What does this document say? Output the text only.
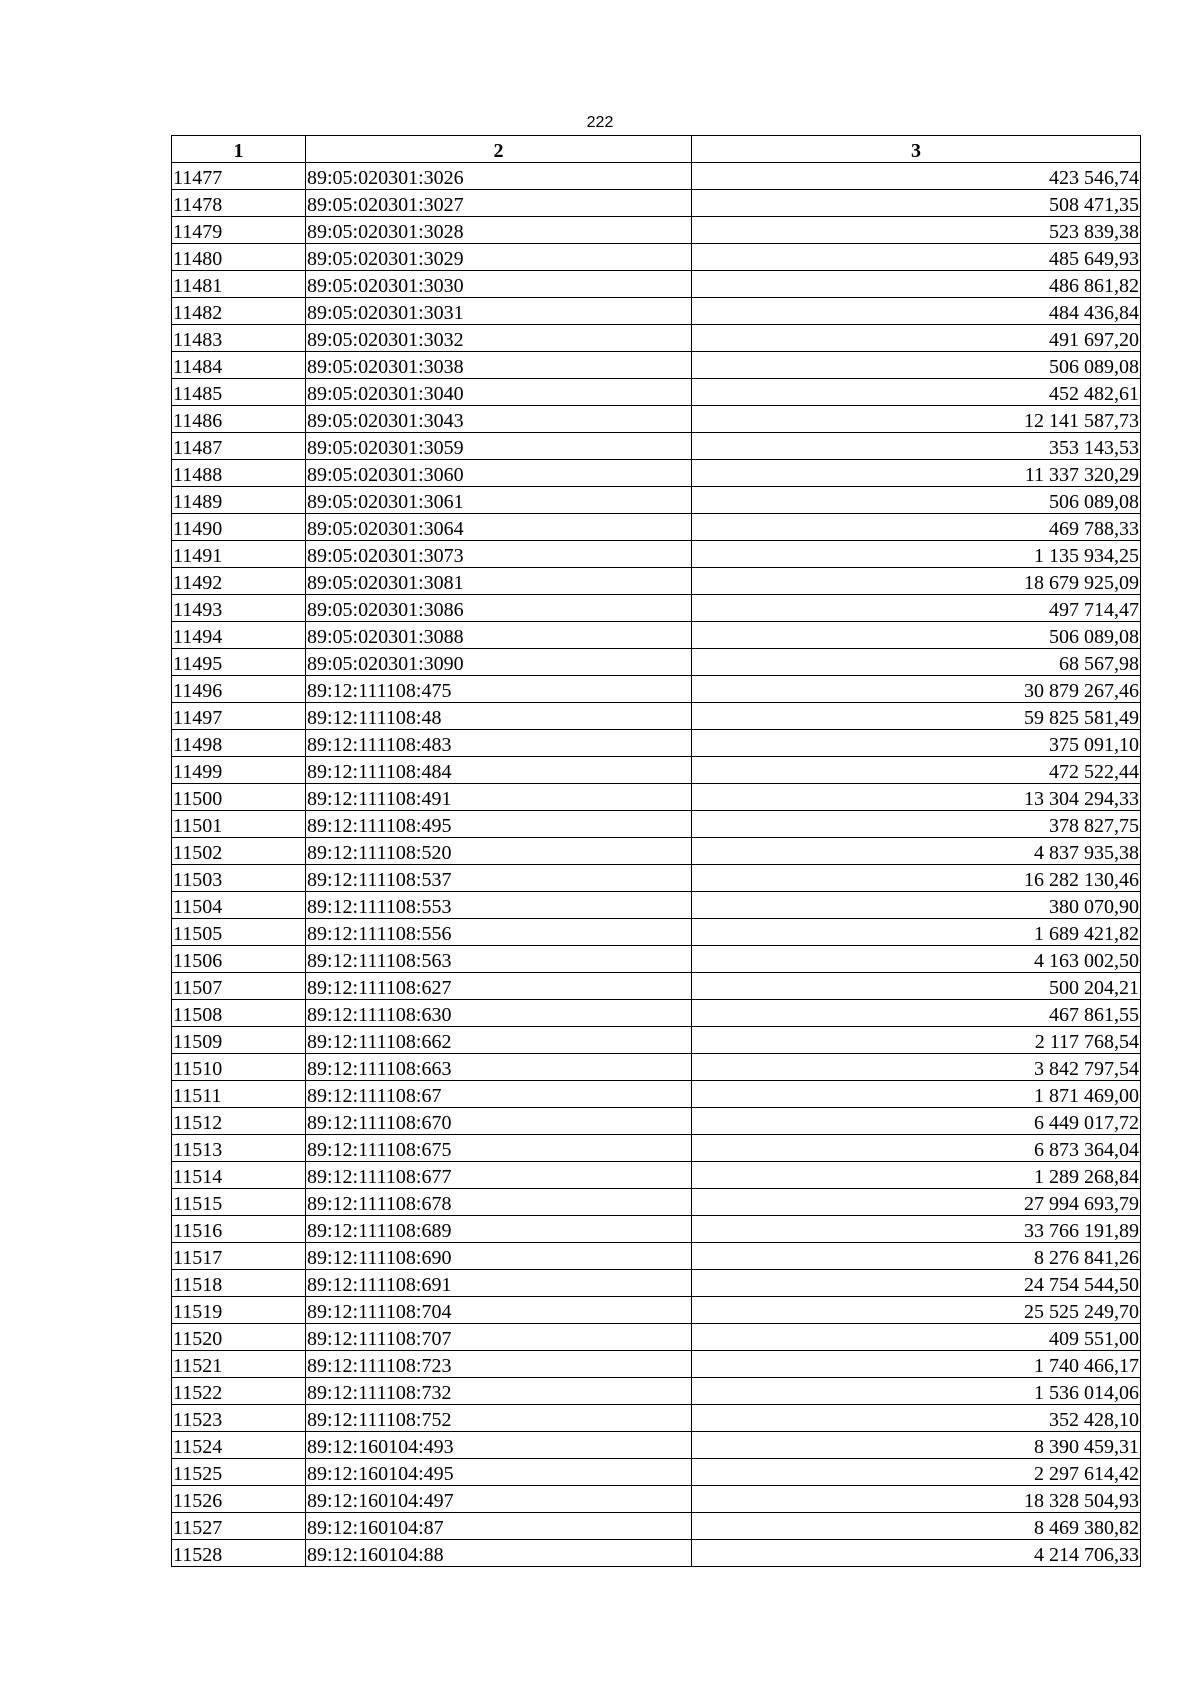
222
1	2	3
11477	89:05:020301:3026	423 546,74
11478	89:05:020301:3027	508 471,35
11479	89:05:020301:3028	523 839,38
11480	89:05:020301:3029	485 649,93
11481	89:05:020301:3030	486 861,82
11482	89:05:020301:3031	484 436,84
11483	89:05:020301:3032	491 697,20
11484	89:05:020301:3038	506 089,08
11485	89:05:020301:3040	452 482,61
11486	89:05:020301:3043	12 141 587,73
11487	89:05:020301:3059	353 143,53
11488	89:05:020301:3060	11 337 320,29
11489	89:05:020301:3061	506 089,08
11490	89:05:020301:3064	469 788,33
11491	89:05:020301:3073	1 135 934,25
11492	89:05:020301:3081	18 679 925,09
11493	89:05:020301:3086	497 714,47
11494	89:05:020301:3088	506 089,08
11495	89:05:020301:3090	68 567,98
11496	89:12:111108:475	30 879 267,46
11497	89:12:111108:48	59 825 581,49
11498	89:12:111108:483	375 091,10
11499	89:12:111108:484	472 522,44
11500	89:12:111108:491	13 304 294,33
11501	89:12:111108:495	378 827,75
11502	89:12:111108:520	4 837 935,38
11503	89:12:111108:537	16 282 130,46
11504	89:12:111108:553	380 070,90
11505	89:12:111108:556	1 689 421,82
11506	89:12:111108:563	4 163 002,50
11507	89:12:111108:627	500 204,21
11508	89:12:111108:630	467 861,55
11509	89:12:111108:662	2 117 768,54
11510	89:12:111108:663	3 842 797,54
11511	89:12:111108:67	1 871 469,00
11512	89:12:111108:670	6 449 017,72
11513	89:12:111108:675	6 873 364,04
11514	89:12:111108:677	1 289 268,84
11515	89:12:111108:678	27 994 693,79
11516	89:12:111108:689	33 766 191,89
11517	89:12:111108:690	8 276 841,26
11518	89:12:111108:691	24 754 544,50
11519	89:12:111108:704	25 525 249,70
11520	89:12:111108:707	409 551,00
11521	89:12:111108:723	1 740 466,17
11522	89:12:111108:732	1 536 014,06
11523	89:12:111108:752	352 428,10
11524	89:12:160104:493	8 390 459,31
11525	89:12:160104:495	2 297 614,42
11526	89:12:160104:497	18 328 504,93
11527	89:12:160104:87	8 469 380,82
11528	89:12:160104:88	4 214 706,33
